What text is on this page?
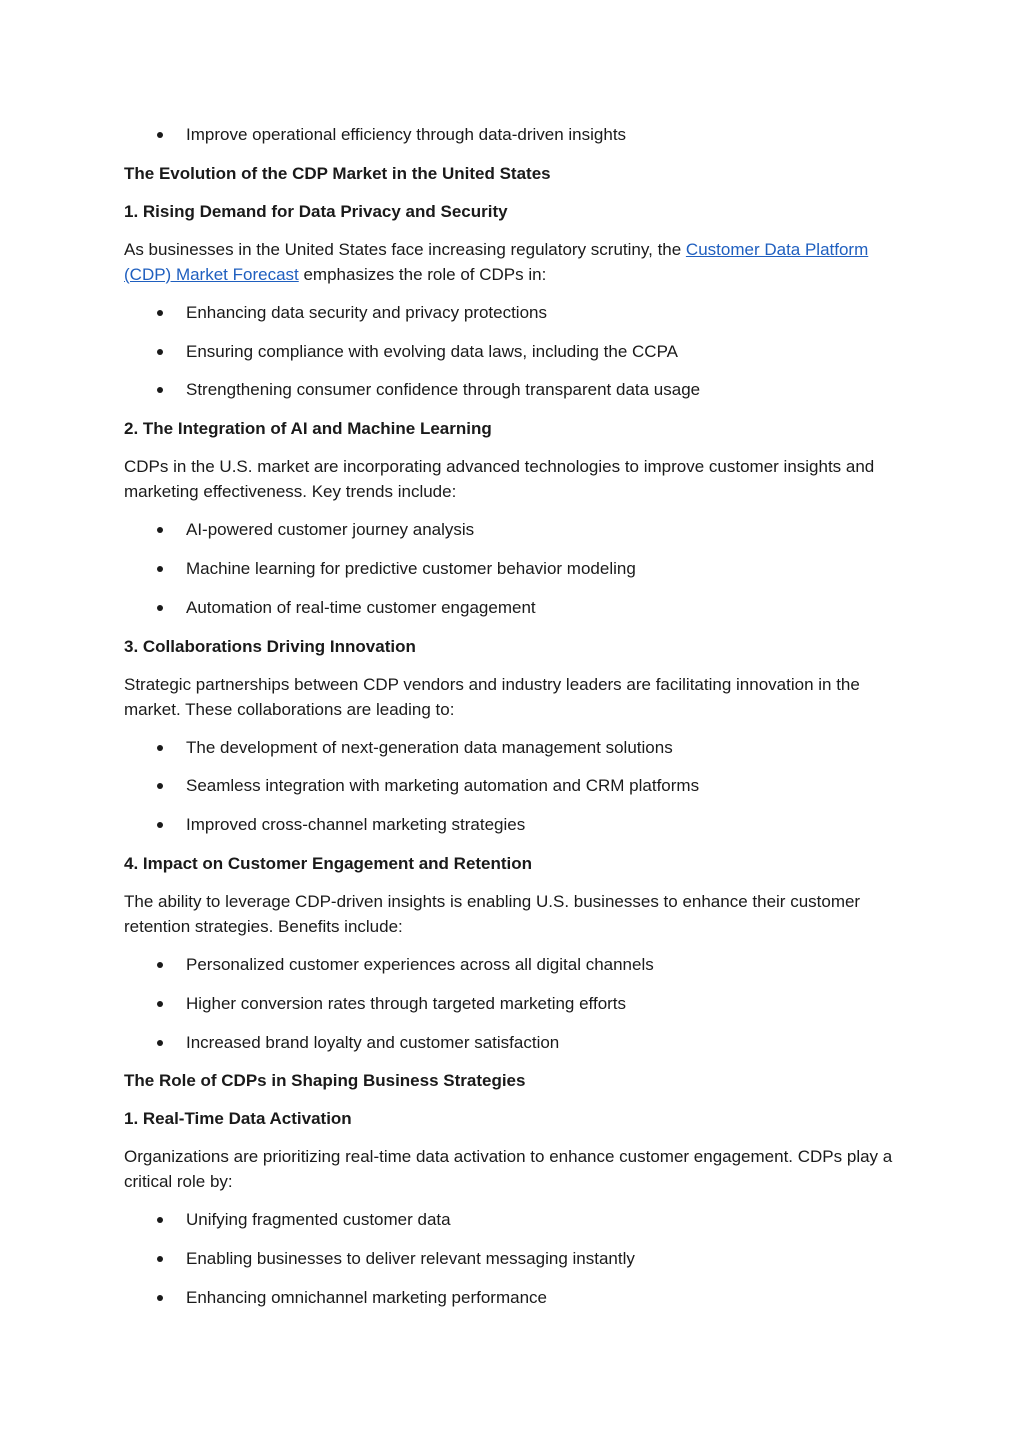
Improve operational efficiency through data-driven insights
The Evolution of the CDP Market in the United States
1. Rising Demand for Data Privacy and Security
As businesses in the United States face increasing regulatory scrutiny, the Customer Data Platform (CDP) Market Forecast emphasizes the role of CDPs in:
Enhancing data security and privacy protections
Ensuring compliance with evolving data laws, including the CCPA
Strengthening consumer confidence through transparent data usage
2. The Integration of AI and Machine Learning
CDPs in the U.S. market are incorporating advanced technologies to improve customer insights and marketing effectiveness. Key trends include:
AI-powered customer journey analysis
Machine learning for predictive customer behavior modeling
Automation of real-time customer engagement
3. Collaborations Driving Innovation
Strategic partnerships between CDP vendors and industry leaders are facilitating innovation in the market. These collaborations are leading to:
The development of next-generation data management solutions
Seamless integration with marketing automation and CRM platforms
Improved cross-channel marketing strategies
4. Impact on Customer Engagement and Retention
The ability to leverage CDP-driven insights is enabling U.S. businesses to enhance their customer retention strategies. Benefits include:
Personalized customer experiences across all digital channels
Higher conversion rates through targeted marketing efforts
Increased brand loyalty and customer satisfaction
The Role of CDPs in Shaping Business Strategies
1. Real-Time Data Activation
Organizations are prioritizing real-time data activation to enhance customer engagement. CDPs play a critical role by:
Unifying fragmented customer data
Enabling businesses to deliver relevant messaging instantly
Enhancing omnichannel marketing performance
